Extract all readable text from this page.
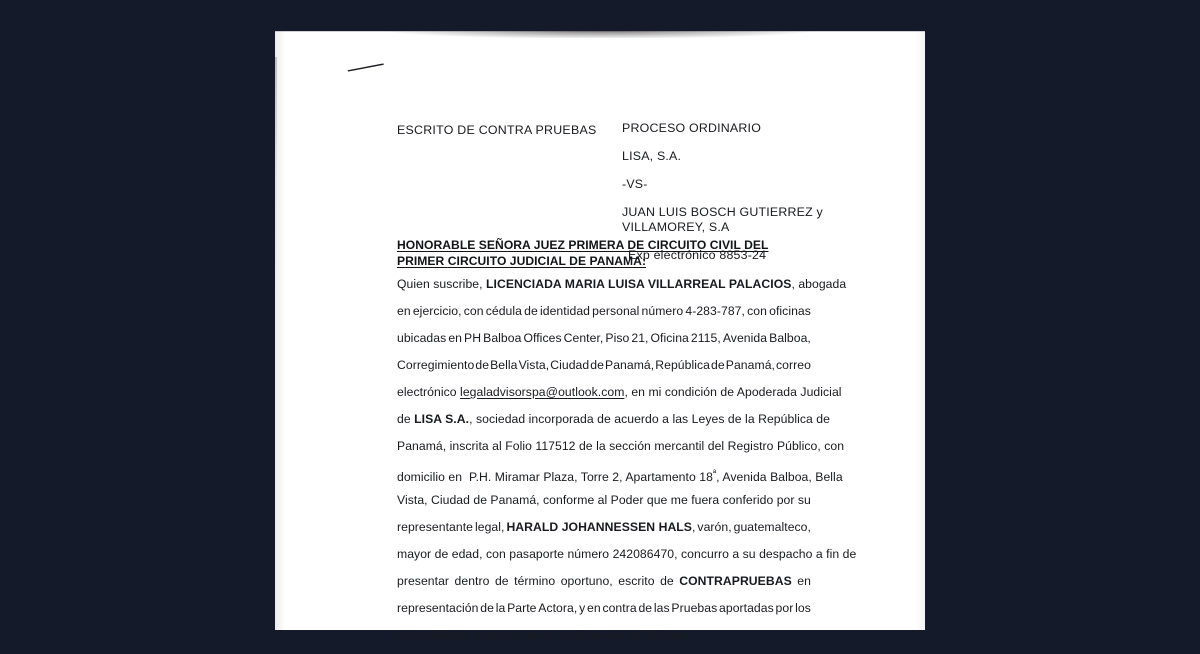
ESCRITO DE CONTRA PRUEBAS	PROCESO ORDINARIO
LISA, S.A.
-VS-
JUAN LUIS BOSCH GUTIERREZ y
VILLAMOREY, S.A
Exp electrónico 8853-24
HONORABLE SEÑORA JUEZ PRIMERA DE CIRCUITO CIVIL DEL PRIMER CIRCUITO JUDICIAL DE PANAMA:
Quien suscribe, LICENCIADA MARIA LUISA VILLARREAL PALACIOS, abogada
en ejercicio, con cédula de identidad personal número 4-283-787, con oficinas
ubicadas en PH Balboa Offices Center, Piso 21, Oficina 2115, Avenida Balboa,
Corregimiento de Bella Vista, Ciudad de Panamá, República de Panamá, correo
electrónico legaladvisorspa@outlook.com, en mi condición de Apoderada Judicial
de LISA S.A., sociedad incorporada de acuerdo a las Leyes de la República de
Panamá, inscrita al Folio 117512 de la sección mercantil del Registro Público, con
domicilio en  P.H. Miramar Plaza, Torre 2, Apartamento $18^ª$, Avenida Balboa, Bella
Vista, Ciudad de Panamá, conforme al Poder que me fuera conferido por su
representante legal, HARALD JOHANNESSEN HALS, varón, guatemalteco,
mayor de edad, con pasaporte número 242086470, concurro a su despacho a fin de
presentar dentro de término oportuno, escrito de CONTRAPRUEBAS en
representación de la Parte Actora, y en contra de las Pruebas aportadas por los
demandados; mismas que a continuación detallamos:
